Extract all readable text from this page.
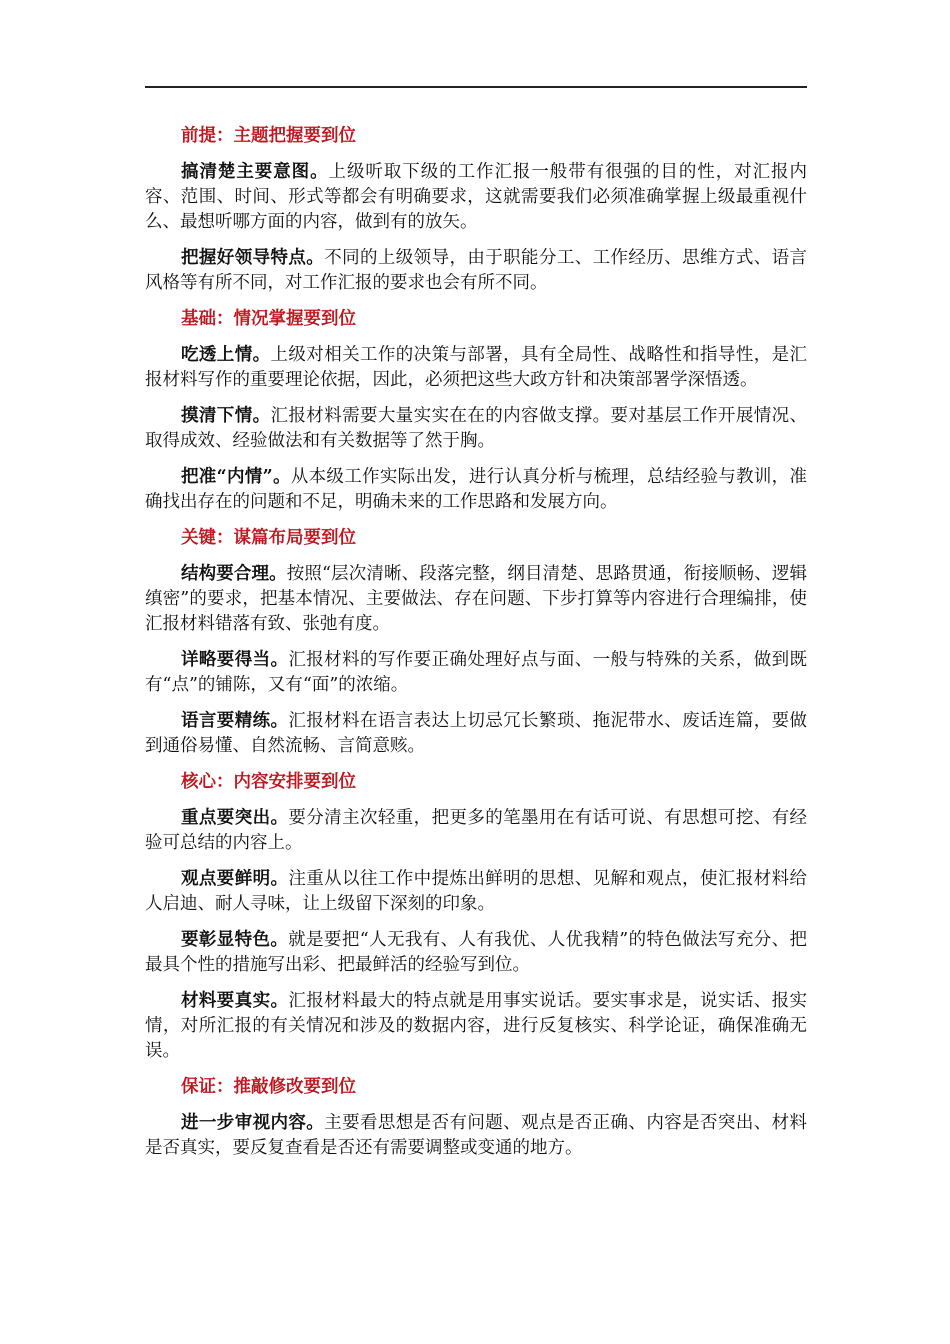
前提：主题把握要到位

搞清楚主要意图。上级听取下级的工作汇报一般带有很强的目的性，对汇报内容、范围、时间、形式等都会有明确要求，这就需要我们必须准确掌握上级最重视什么、最想听哪方面的内容，做到有的放矢。

把握好领导特点。不同的上级领导，由于职能分工、工作经历、思维方式、语言风格等有所不同，对工作汇报的要求也会有所不同。

基础：情况掌握要到位

吃透上情。上级对相关工作的决策与部署，具有全局性、战略性和指导性，是汇报材料写作的重要理论依据，因此，必须把这些大政方针和决策部署学深悟透。

摸清下情。汇报材料需要大量实实在在的内容做支撑。要对基层工作开展情况、取得成效、经验做法和有关数据等了然于胸。

把准“内情”。从本级工作实际出发，进行认真分析与梳理，总结经验与教训，准确找出存在的问题和不足，明确未来的工作思路和发展方向。

关键：谋篇布局要到位

结构要合理。按照“层次清晰、段落完整，纲目清楚、思路贯通，衔接顺畅、逻辑缜密”的要求，把基本情况、主要做法、存在问题、下步打算等内容进行合理编排，使汇报材料错落有致、张弛有度。

详略要得当。汇报材料的写作要正确处理好点与面、一般与特殊的关系，做到既有“点”的铺陈，又有“面”的浓缩。

语言要精练。汇报材料在语言表达上切忌冗长繁琐、拖泥带水、废话连篇，要做到通俗易懂、自然流畅、言简意赅。

核心：内容安排要到位

重点要突出。要分清主次轻重，把更多的笔墨用在有话可说、有思想可挖、有经验可总结的内容上。

观点要鲜明。注重从以往工作中提炼出鲜明的思想、见解和观点，使汇报材料给人启迪、耐人寻味，让上级留下深刻的印象。

要彰显特色。就是要把“人无我有、人有我优、人优我精”的特色做法写充分、把最具个性的措施写出彩、把最鲜活的经验写到位。

材料要真实。汇报材料最大的特点就是用事实说话。要实事求是，说实话、报实情，对所汇报的有关情况和涉及的数据内容，进行反复核实、科学论证，确保准确无误。

保证：推敲修改要到位

进一步审视内容。主要看思想是否有问题、观点是否正确、内容是否突出、材料是否真实，要反复查看是否还有需要调整或变通的地方。
